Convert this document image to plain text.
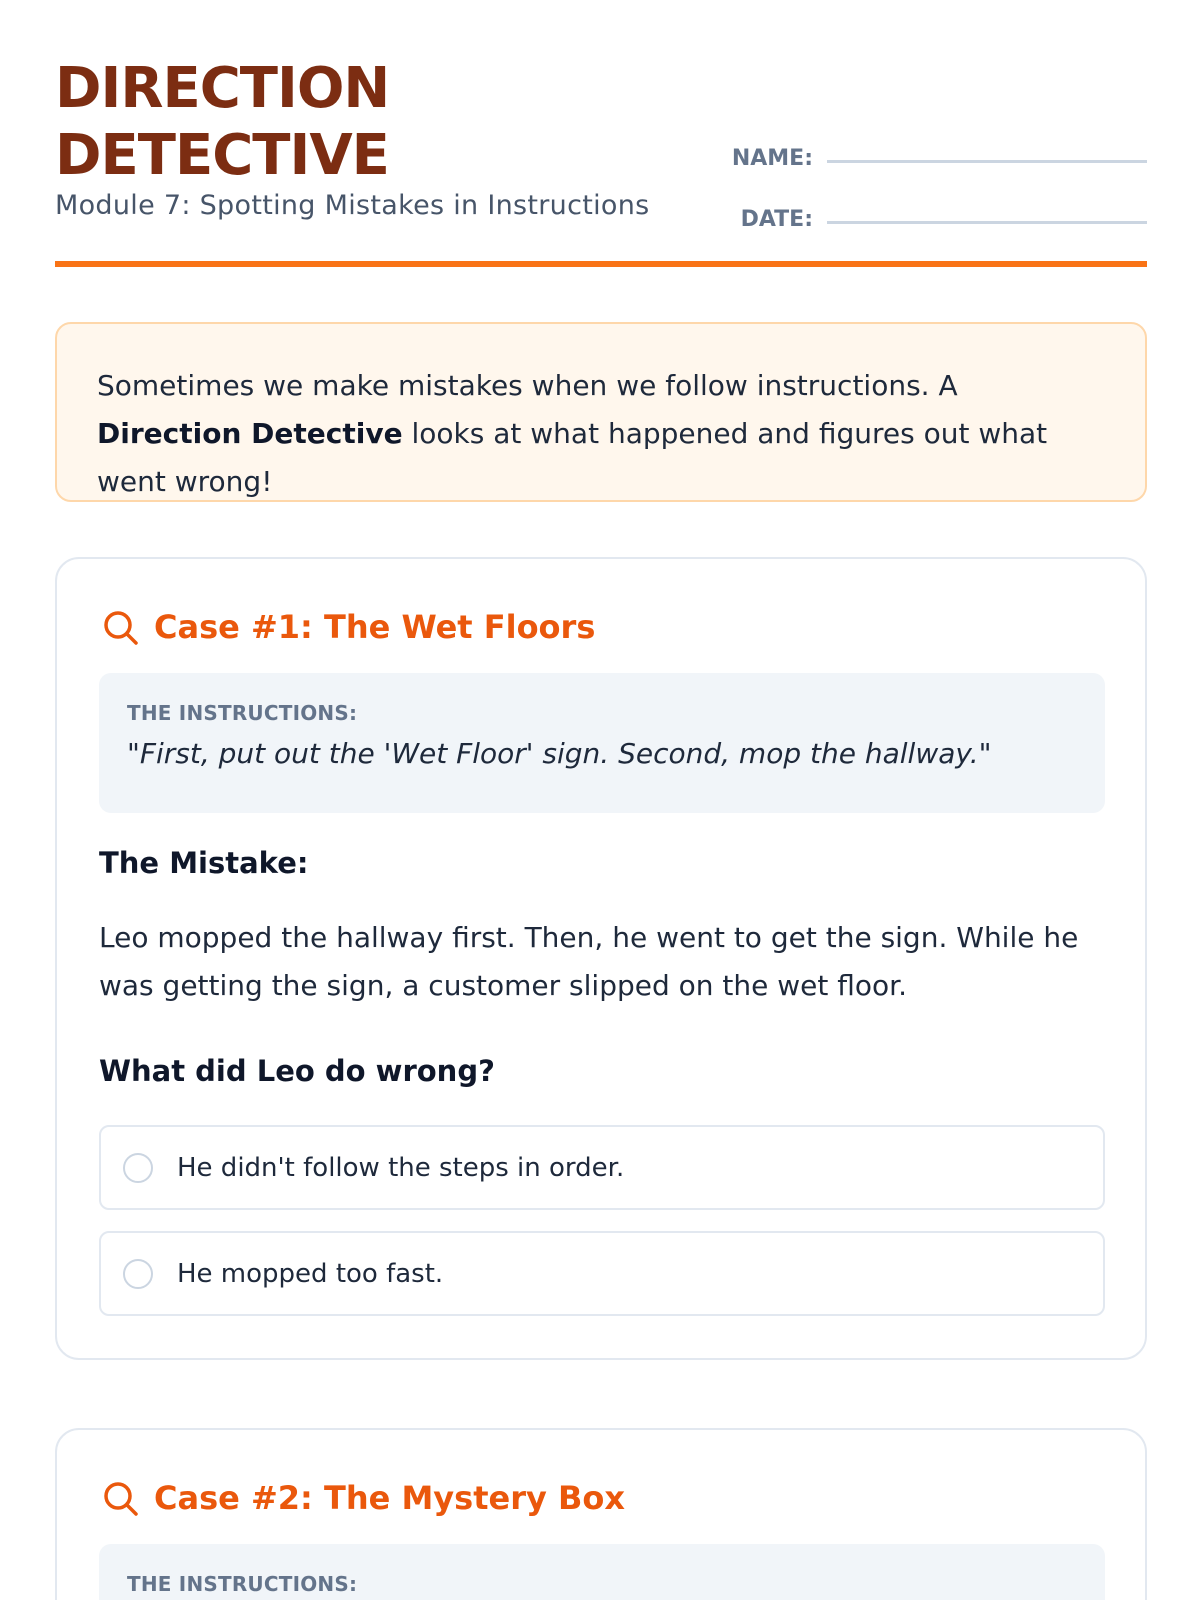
DIRECTION
DETECTIVE
Module 7: Spotting Mistakes in Instructions
NAME:
DATE:
Sometimes we make mistakes when we follow instructions. A Direction Detective looks at what happened and figures out what went wrong!
Case #1: The Wet Floors
THE INSTRUCTIONS:
"First, put out the 'Wet Floor' sign. Second, mop the hallway."
The Mistake:
Leo mopped the hallway first. Then, he went to get the sign. While he was getting the sign, a customer slipped on the wet floor.
What did Leo do wrong?
He didn't follow the steps in order.
He mopped too fast.
Case #2: The Mystery Box
THE INSTRUCTIONS:
